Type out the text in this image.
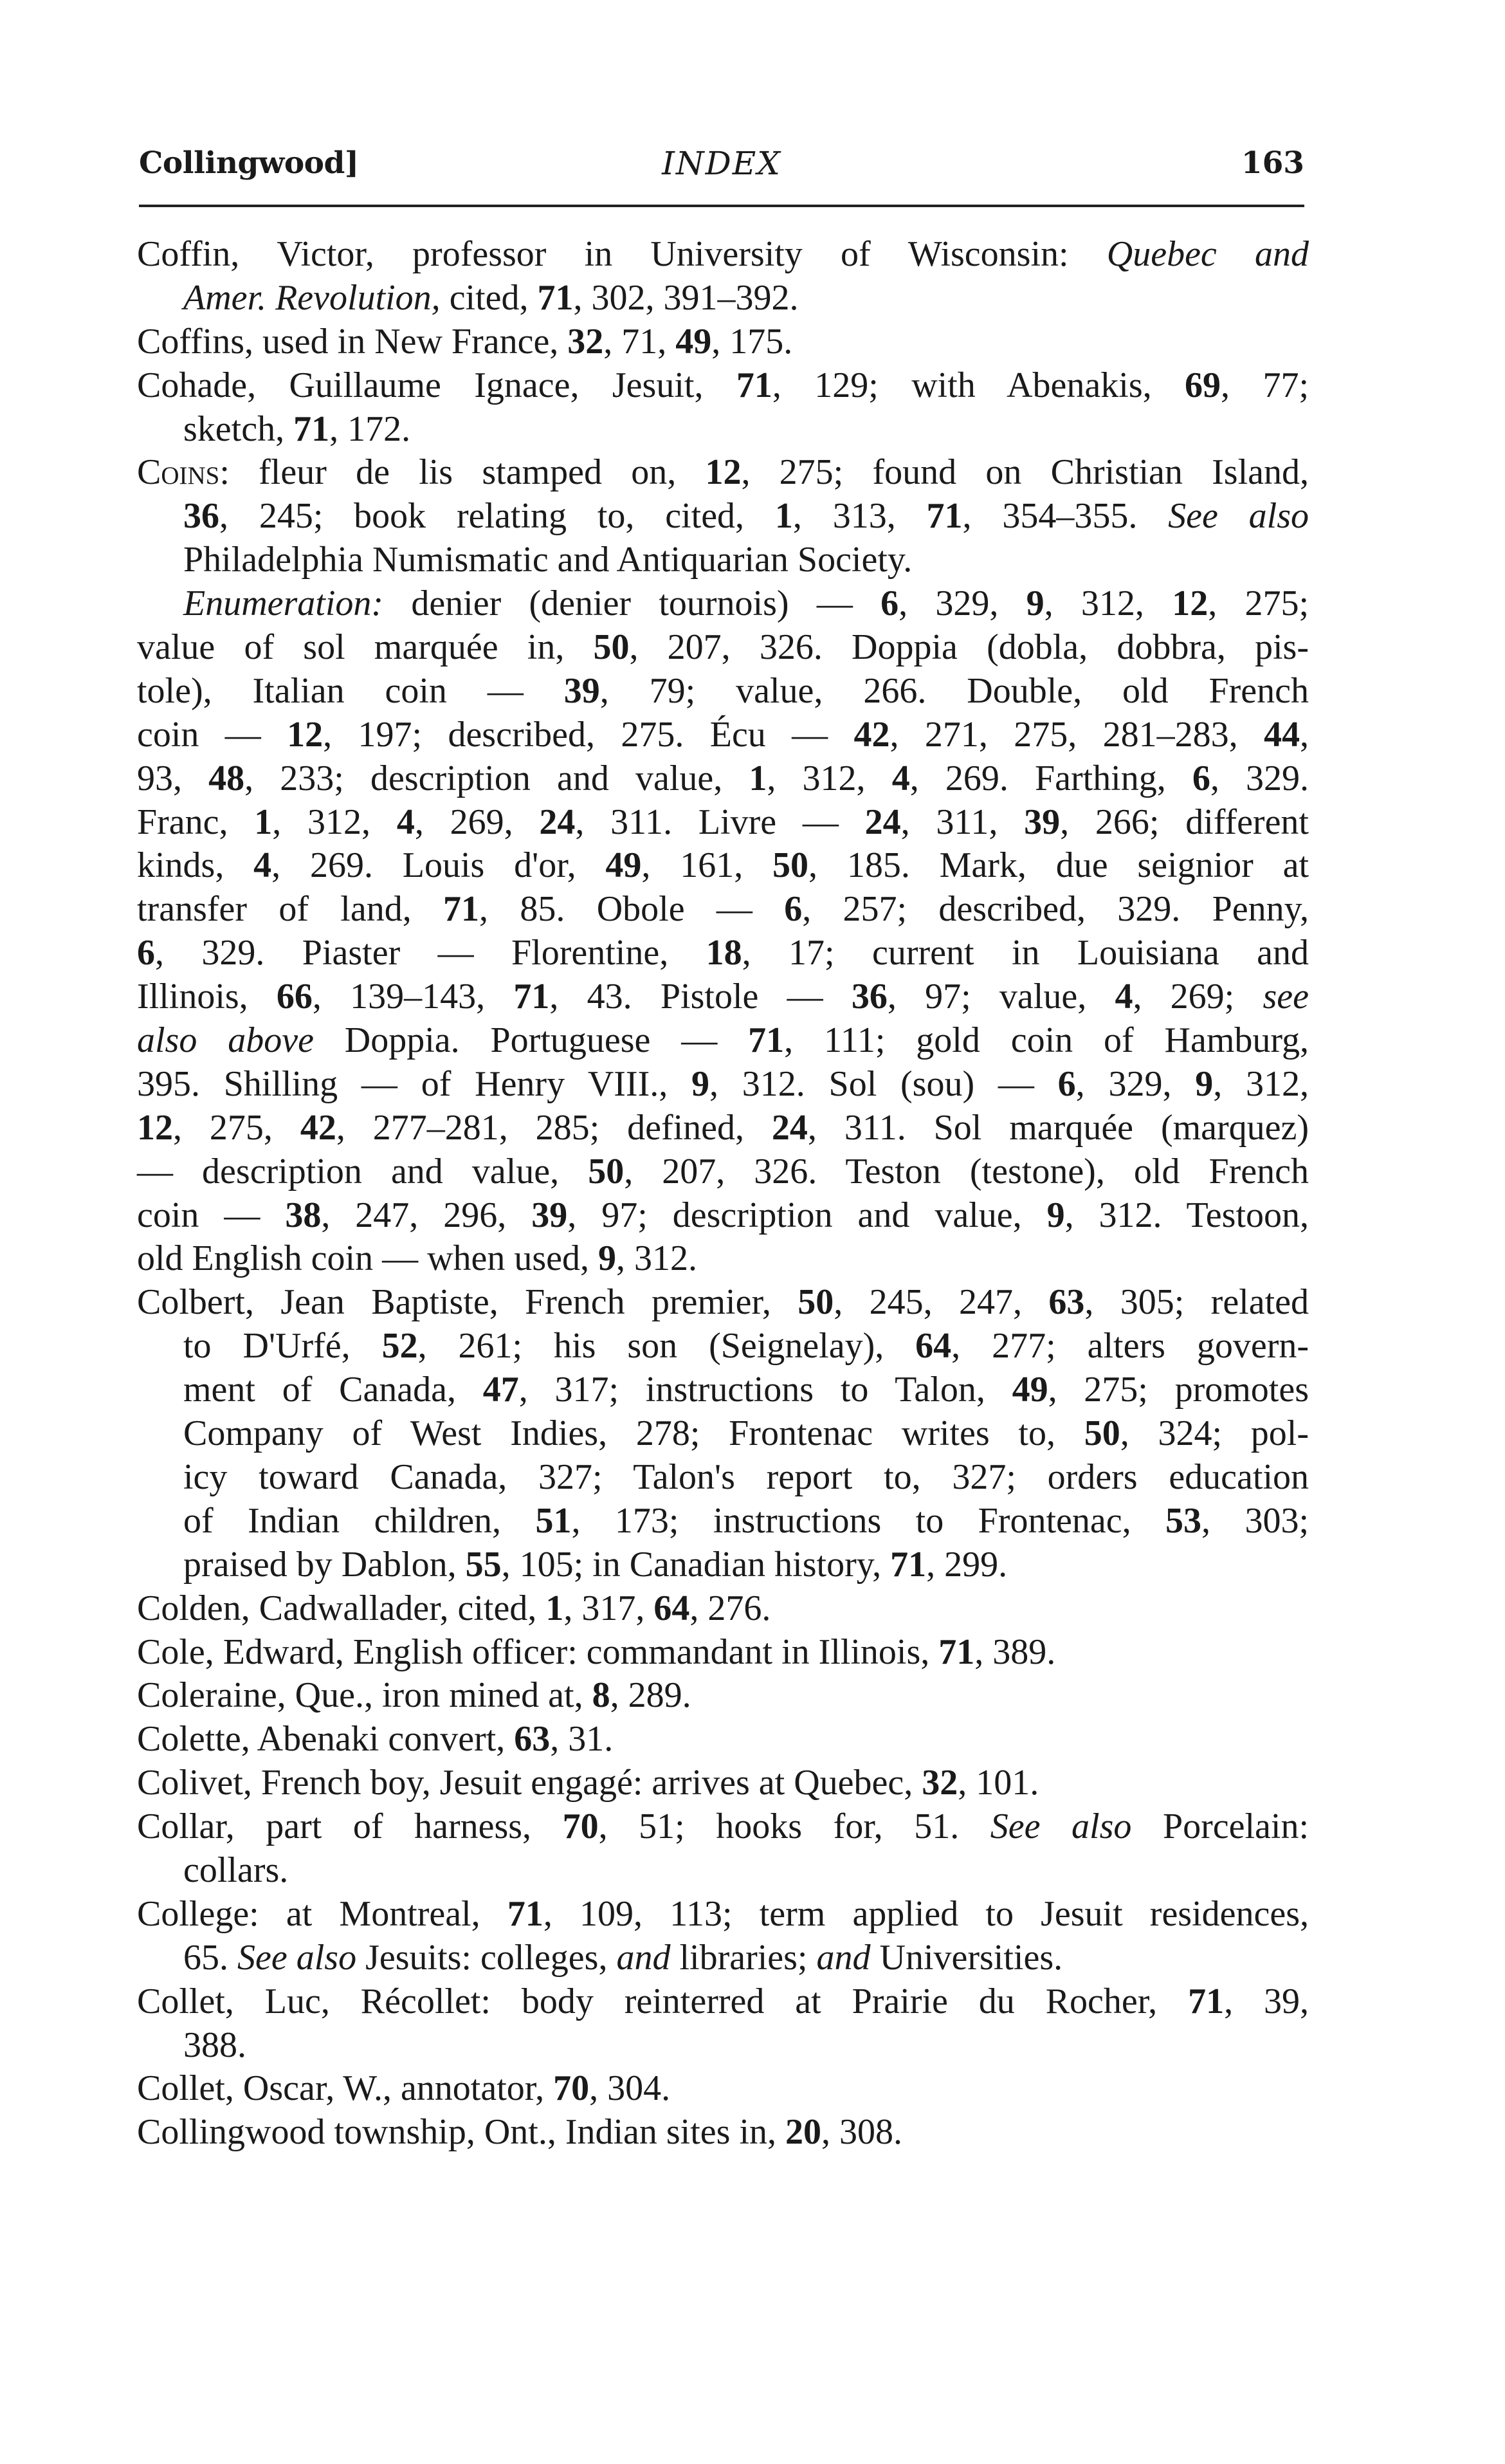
Collingwood]	INDEX	163
Coffin, Victor, professor in University of Wisconsin: Quebec and
Amer. Revolution, cited, 71, 302, 391–392.
Coffins, used in New France, 32, 71, 49, 175.
Cohade, Guillaume Ignace, Jesuit, 71, 129; with Abenakis, 69, 77;
sketch, 71, 172.
Coins: fleur de lis stamped on, 12, 275; found on Christian Island,
36, 245; book relating to, cited, 1, 313, 71, 354–355. See also
Philadelphia Numismatic and Antiquarian Society.
Enumeration: denier (denier tournois) — 6, 329, 9, 312, 12, 275;
value of sol marquée in, 50, 207, 326. Doppia (dobla, dobbra, pis-
tole), Italian coin — 39, 79; value, 266. Double, old French
coin — 12, 197; described, 275. Écu — 42, 271, 275, 281–283, 44,
93, 48, 233; description and value, 1, 312, 4, 269. Farthing, 6, 329.
Franc, 1, 312, 4, 269, 24, 311. Livre — 24, 311, 39, 266; different
kinds, 4, 269. Louis d'or, 49, 161, 50, 185. Mark, due seignior at
transfer of land, 71, 85. Obole — 6, 257; described, 329. Penny,
6, 329. Piaster — Florentine, 18, 17; current in Louisiana and
Illinois, 66, 139–143, 71, 43. Pistole — 36, 97; value, 4, 269; see
also above Doppia. Portuguese — 71, 111; gold coin of Hamburg,
395. Shilling — of Henry VIII., 9, 312. Sol (sou) — 6, 329, 9, 312,
12, 275, 42, 277–281, 285; defined, 24, 311. Sol marquée (marquez)
— description and value, 50, 207, 326. Teston (testone), old French
coin — 38, 247, 296, 39, 97; description and value, 9, 312. Testoon,
old English coin — when used, 9, 312.
Colbert, Jean Baptiste, French premier, 50, 245, 247, 63, 305; related
to D'Urfé, 52, 261; his son (Seignelay), 64, 277; alters govern-
ment of Canada, 47, 317; instructions to Talon, 49, 275; promotes
Company of West Indies, 278; Frontenac writes to, 50, 324; pol-
icy toward Canada, 327; Talon's report to, 327; orders education
of Indian children, 51, 173; instructions to Frontenac, 53, 303;
praised by Dablon, 55, 105; in Canadian history, 71, 299.
Colden, Cadwallader, cited, 1, 317, 64, 276.
Cole, Edward, English officer: commandant in Illinois, 71, 389.
Coleraine, Que., iron mined at, 8, 289.
Colette, Abenaki convert, 63, 31.
Colivet, French boy, Jesuit engagé: arrives at Quebec, 32, 101.
Collar, part of harness, 70, 51; hooks for, 51. See also Porcelain:
collars.
College: at Montreal, 71, 109, 113; term applied to Jesuit residences,
65. See also Jesuits: colleges, and libraries; and Universities.
Collet, Luc, Récollet: body reinterred at Prairie du Rocher, 71, 39,
388.
Collet, Oscar, W., annotator, 70, 304.
Collingwood township, Ont., Indian sites in, 20, 308.
